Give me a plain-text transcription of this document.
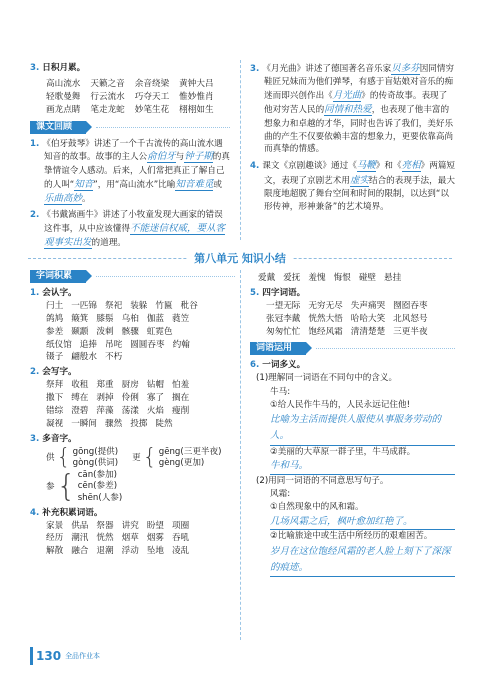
3. 日积月累。
高山流水 天籁之音 余音绕梁 黄钟大吕
轻歌曼舞 行云流水 巧夺天工 惟妙惟肖
画龙点睛 笔走龙蛇 妙笔生花 栩栩如生
课文回顾
1. 《伯牙鼓琴》讲述了一个千古流传的高山流水遇知音的故事。故事的主人公俞伯牙与钟子期的真挚情谊令人感动。后来，人们常把真正了解自己的人叫“知音”，用“高山流水”比喻知音难觅或乐曲高妙。
2. 《书戴嵩画牛》讲述了小牧童发现大画家的错误这件事，从中应该懂得不能迷信权威，要从客观事实出发的道理。
3. 《月光曲》讲述了德国著名音乐家贝多芬因同情穷鞋匠兄妹而为他们弹琴，有感于盲姑娘对音乐的痴迷而即兴创作出《月光曲》的传奇故事。表现了他对穷苦人民的同情和热爱，也表现了他丰富的想象力和卓越的才华，同时也告诉了我们，美好乐曲的产生不仅要依赖丰富的想象力，更要依靠高尚而真挚的情感。
4. 课文《京剧趣谈》通过《马鞭》和《亮相》两篇短文，表现了京剧艺术用虚实结合的表现手法，最大限度地超脱了舞台空间和时间的限制，以达到“以形传神，形神兼备”的艺术境界。
第八单元 知识小结
字词积累
1. 会认字。
闩土 一匹锦 祭祀 装躲 竹匾 秕谷
鸽鸠 簸箕 膝鬃 乌桕 伽蓝 蕤笠
参差 颞颥 泼刺 骸骤 虹霓色
纸仪馆 追捧 吊咤 圆圆吞枣 约翰
镊子 翩般水 不朽
2. 会写字。
祭拜 收租 郑重 厨房 钻帽 怕羞
撒下 缚在 剥掉 伶俐 寡了 搁在
错综 澄碧 萍藻 荡漾 火焰 瘦削
凝视 一瞬间 骤然 投掷 陡然
3. 多音字。
供 { gōng(提供)
gòng(供词)
更 { gēng(三更半夜)
gèng(更加)
参 { cān(参加)
cēn(参差)
shēn(人参)
4. 补充积累词语。
家景 供品 祭器 讲究 盼望 项圈
经历 潮汛 恍然 烟草 烟雾 吞吼
解散 融合 退潮 浮动 坠地 凌乱
爱戴 爱抚 羞愧 悔恨 碰壁 悬挂
5. 四字词语。
一望无际 无穷无尽 失声痛哭 囫囵吞枣
张冠李戴 恍然大悟 哈哈大笑 北风怒号
匆匆忙忙 饱经风霜 清清楚楚 三更半夜
词语运用
6. 一词多义。
(1)理解同一词语在不同句中的含义。
牛马:
①给人民作牛马的，人民永远记住他!
比喻为主活而提供人服使从事服务劳动的人。
②美丽的大草原一群子里，牛马成群。
牛和马。
(2)用同一词语的不同意思写句子。
风霜:
①自然现象中的风和霜。
几场风霜之后，枫叶愈加红艳了。
②比喻旅途中或生活中所经历的艰难困苦。
岁月在这位饱经风霜的老人脸上刻下了深深的痕迹。
130 全品作业本
